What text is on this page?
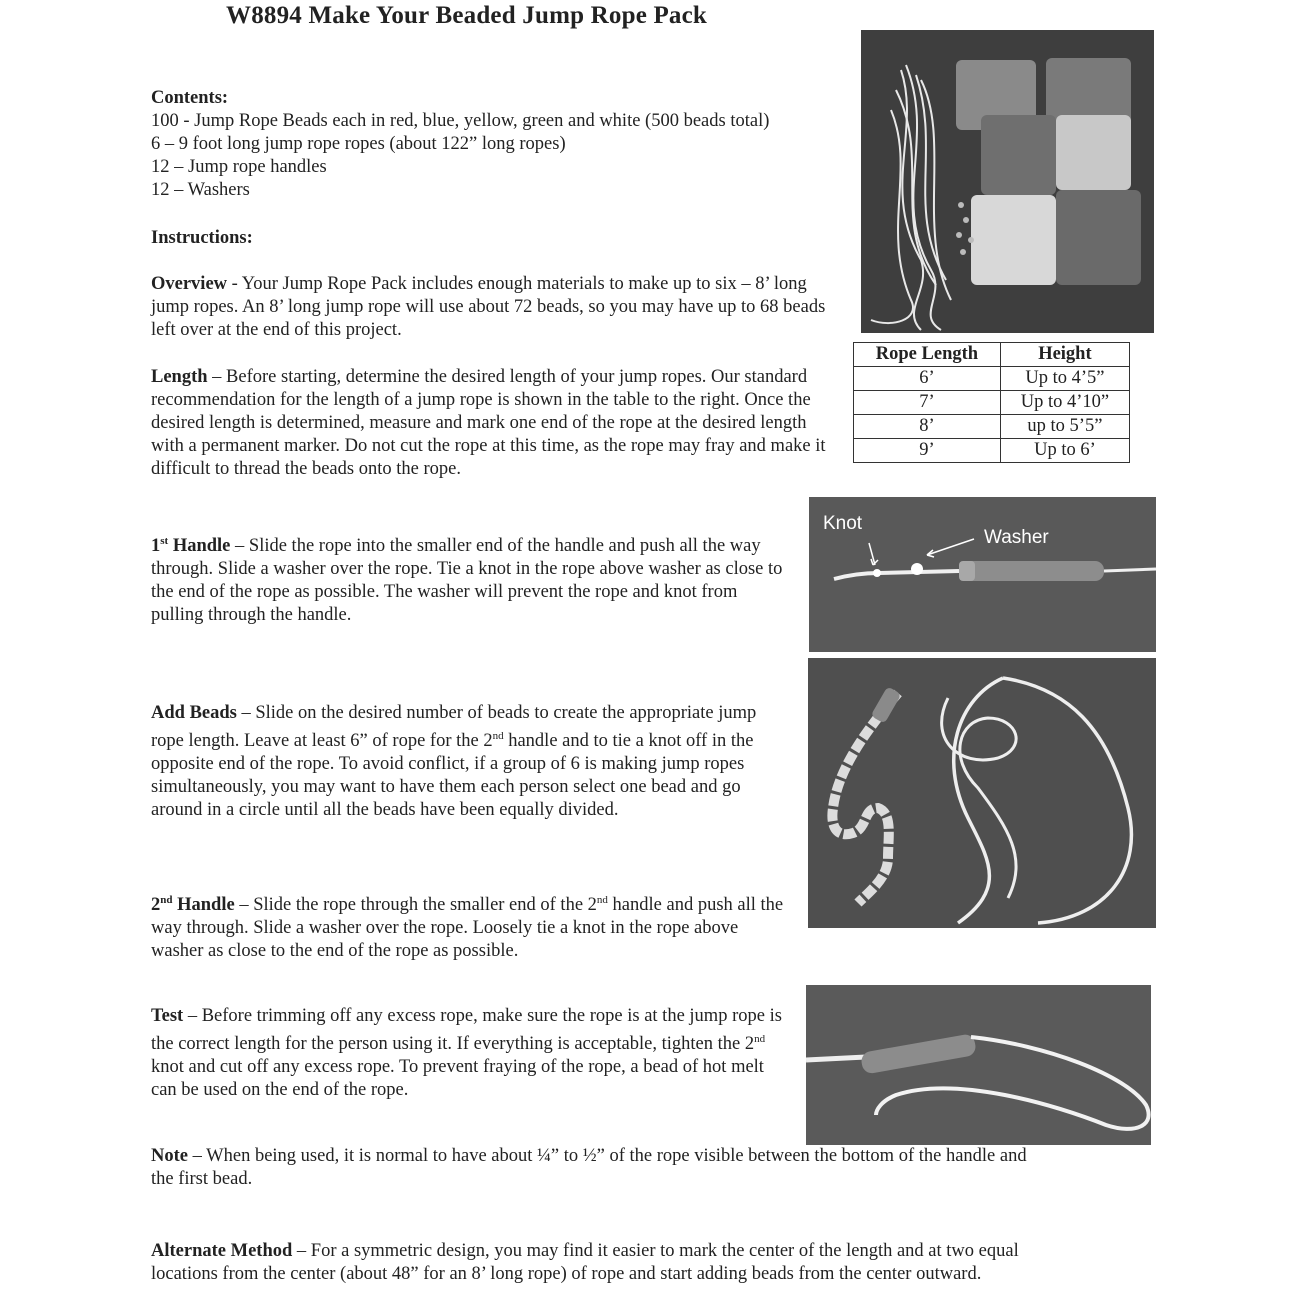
W8894 Make Your Beaded Jump Rope Pack
Contents:
100 - Jump Rope Beads each in red, blue, yellow, green and white (500 beads total)
6 – 9 foot long jump rope ropes (about 122” long ropes)
12 – Jump rope handles
12 – Washers
Instructions:
Overview - Your Jump Rope Pack includes enough materials to make up to six – 8’ long jump ropes. An 8’ long jump rope will use about 72 beads, so you may have up to 68 beads left over at the end of this project.
Length – Before starting, determine the desired length of your jump ropes. Our standard recommendation for the length of a jump rope is shown in the table to the right. Once the desired length is determined, measure and mark one end of the rope at the desired length with a permanent marker. Do not cut the rope at this time, as the rope may fray and make it difficult to thread the beads onto the rope.
Rope Length	Height
6’	Up to 4’5”
7’	Up to 4’10”
8’	up to 5’5”
9’	Up to 6’
1st Handle – Slide the rope into the smaller end of the handle and push all the way through. Slide a washer over the rope. Tie a knot in the rope above washer as close to the end of the rope as possible. The washer will prevent the rope and knot from pulling through the handle.
Knot
Washer
Add Beads – Slide on the desired number of beads to create the appropriate jump rope length. Leave at least 6” of rope for the 2nd handle and to tie a knot off in the opposite end of the rope. To avoid conflict, if a group of 6 is making jump ropes simultaneously, you may want to have them each person select one bead and go around in a circle until all the beads have been equally divided.
2nd Handle – Slide the rope through the smaller end of the 2nd handle and push all the way through. Slide a washer over the rope. Loosely tie a knot in the rope above washer as close to the end of the rope as possible.
Test – Before trimming off any excess rope, make sure the rope is at the jump rope is the correct length for the person using it. If everything is acceptable, tighten the 2nd knot and cut off any excess rope. To prevent fraying of the rope, a bead of hot melt can be used on the end of the rope.
Note – When being used, it is normal to have about ¼” to ½” of the rope visible between the bottom of the handle and the first bead.
Alternate Method – For a symmetric design, you may find it easier to mark the center of the length and at two equal locations from the center (about 48” for an 8’ long rope) of rope and start adding beads from the center outward.
